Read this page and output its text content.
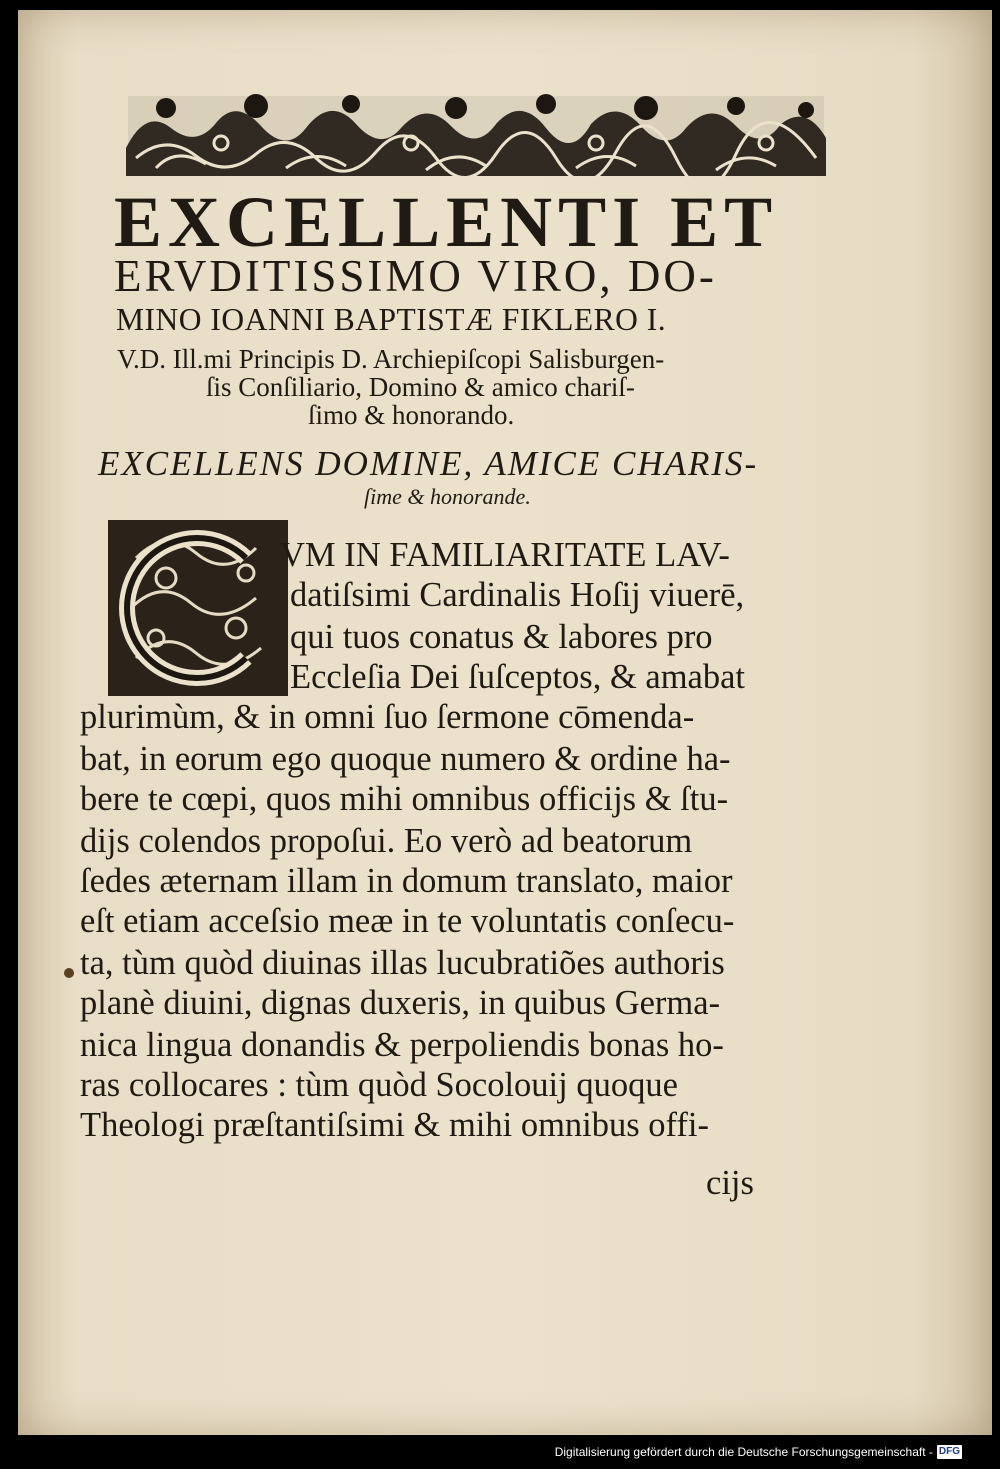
EXCELLENTI ET
ERVDITISSIMO VIRO, DO-
MINO IOANNI BAPTISTÆ FIKLERO I.
V.D. Ill.mi Principis D. Archiepiſcopi Salisburgen-
ſis Conſiliario, Domino & amico chariſ-
ſimo & honorando.
EXCELLENS DOMINE, AMICE CHARIS-
ſime & honorande.
VM IN FAMILIARITATE LAV-
datiſsimi Cardinalis Hoſij viuerē,
qui tuos conatus & labores pro
Eccleſia Dei ſuſceptos, & amabat
plurimùm, & in omni ſuo ſermone cōmenda-
bat, in eorum ego quoque numero & ordine ha-
bere te cœpi, quos mihi omnibus officijs & ſtu-
dijs colendos propoſui. Eo verò ad beatorum
ſedes æternam illam in domum translato, maior
eſt etiam acceſsio meæ in te voluntatis conſecu-
ta, tùm quòd diuinas illas lucubratiões authoris
planè diuini, dignas duxeris, in quibus Germa-
nica lingua donandis & perpoliendis bonas ho-
ras collocares : tùm quòd Socolouij quoque
Theologi præſtantiſsimi & mihi omnibus offi-
cijs
Digitalisierung gefördert durch die Deutsche Forschungsgemeinschaft - DFG
